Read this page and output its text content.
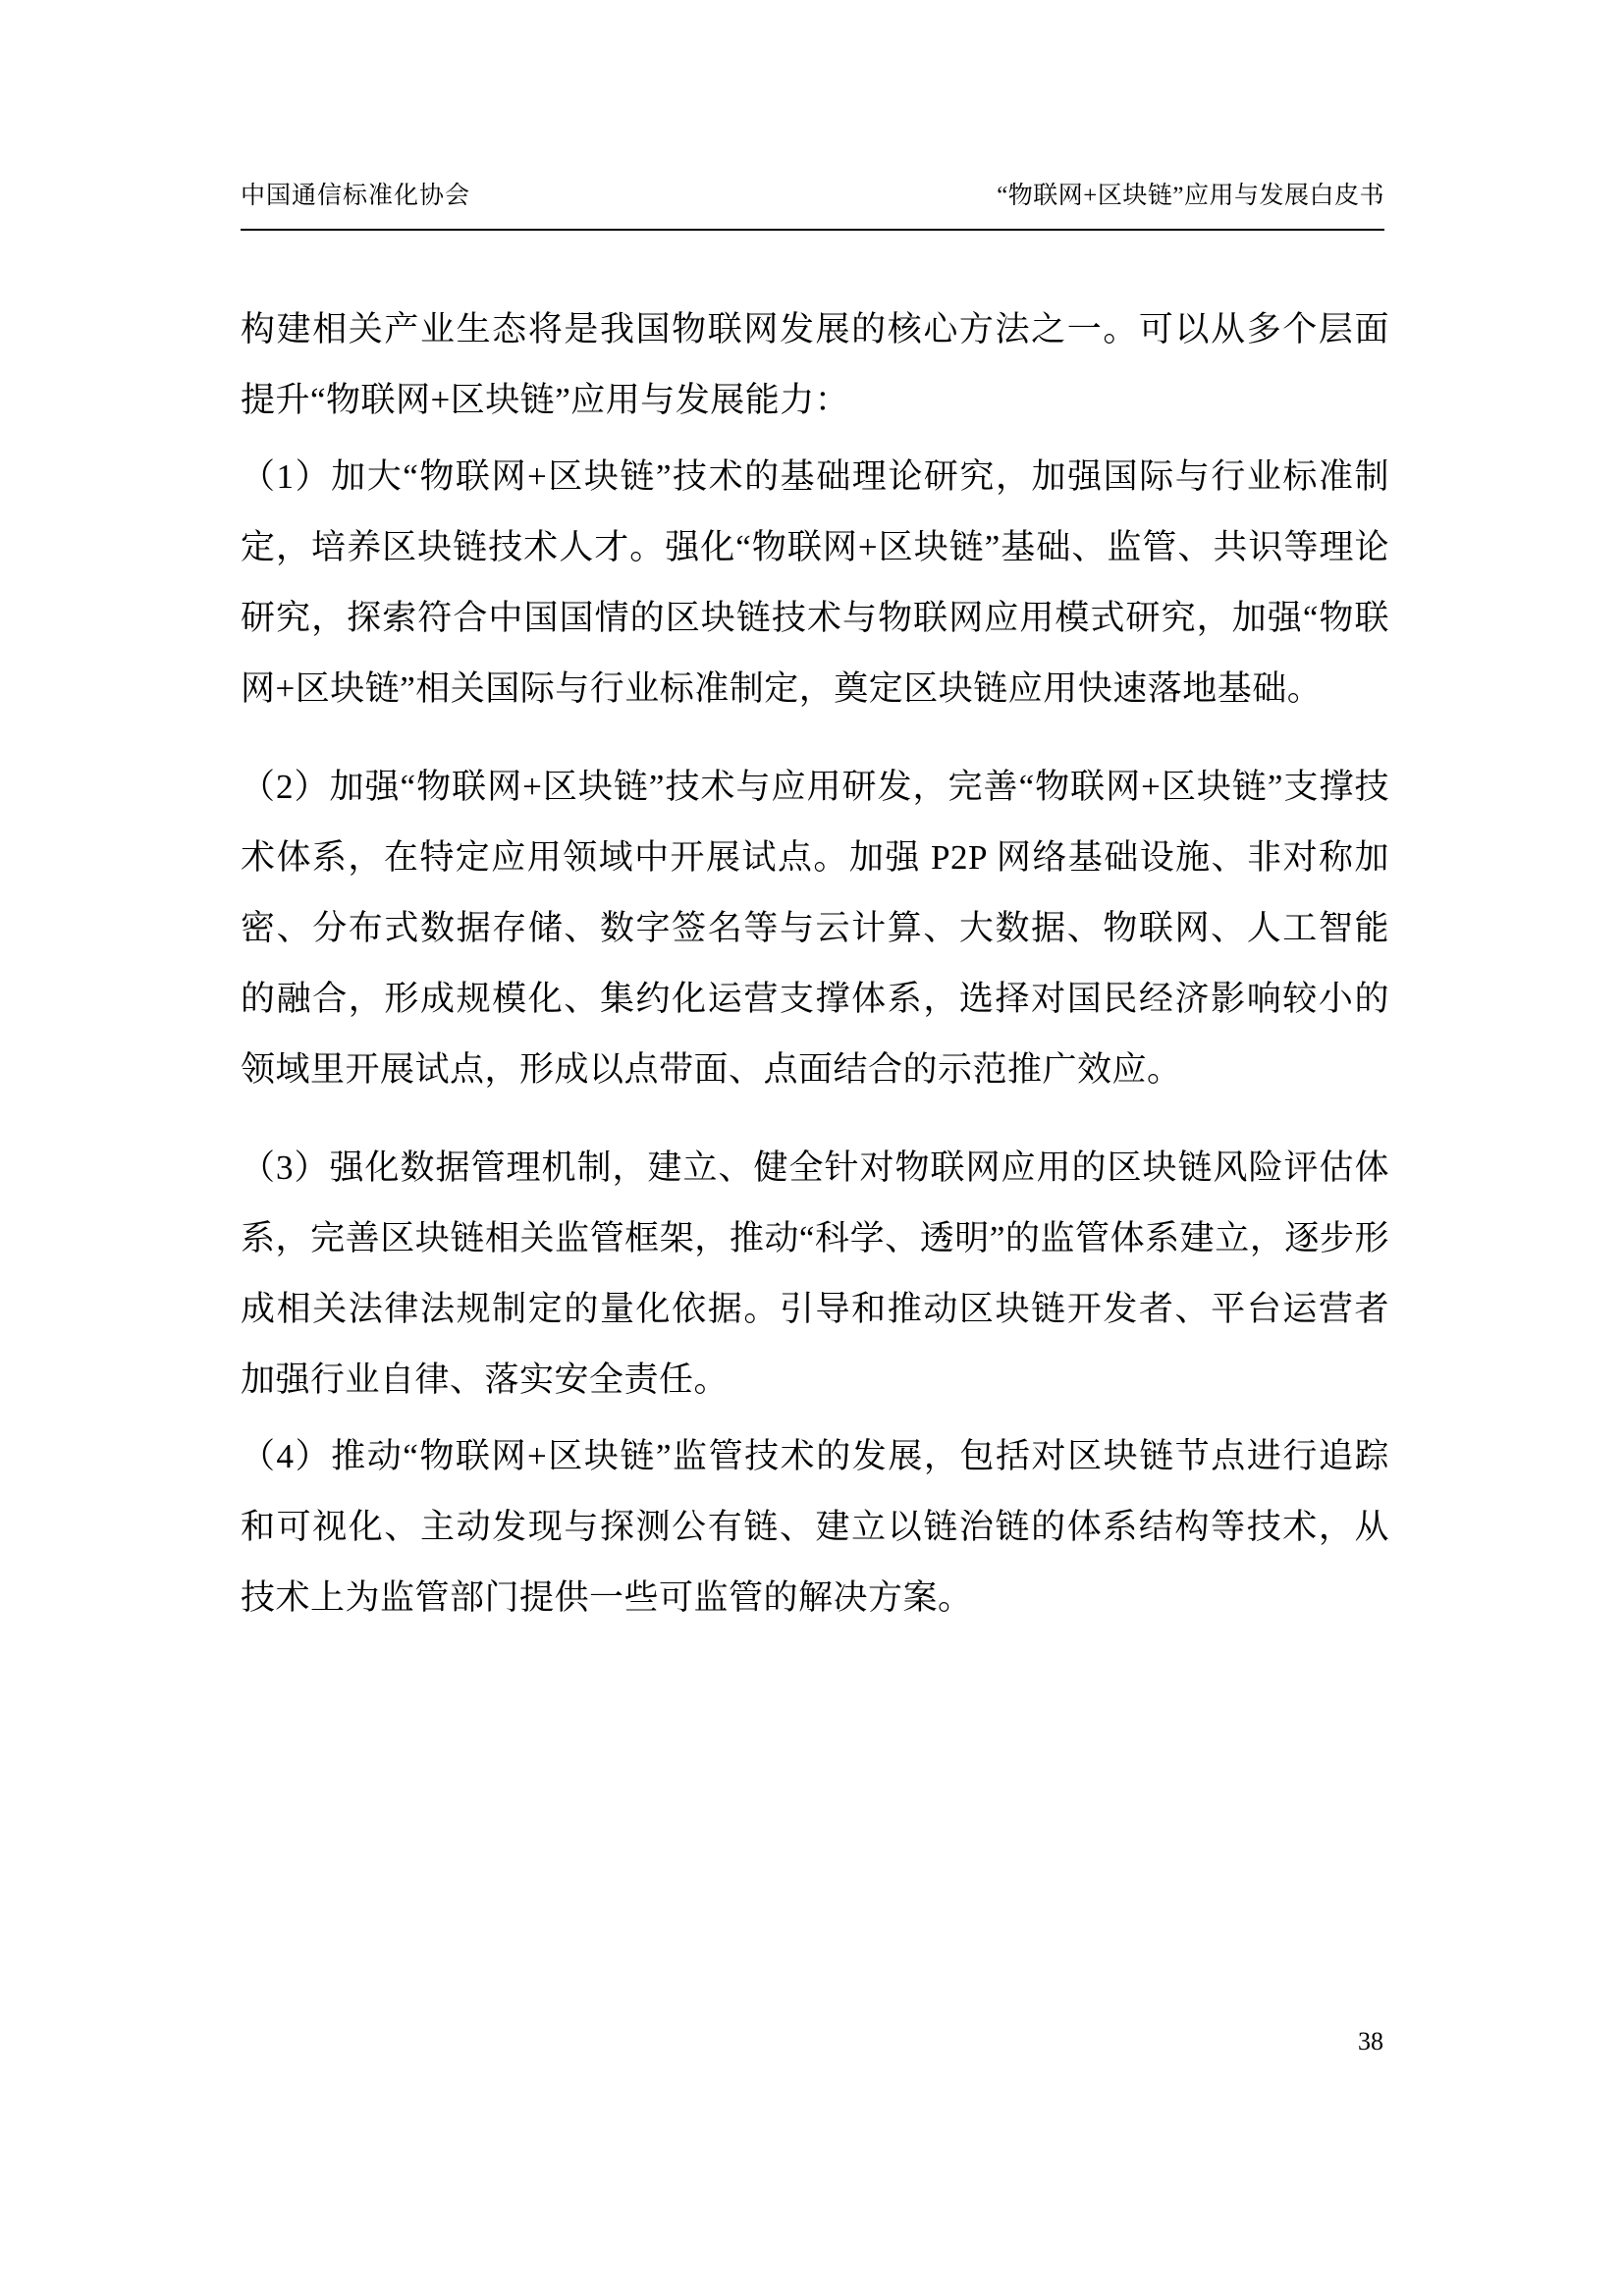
中国通信标准化协会	“物联网+区块链”应用与发展白皮书

构建相关产业生态将是我国物联网发展的核心方法之一。可以从多个层面提升“物联网+区块链”应用与发展能力：

（1）加大“物联网+区块链”技术的基础理论研究，加强国际与行业标准制定，培养区块链技术人才。强化“物联网+区块链”基础、监管、共识等理论研究，探索符合中国国情的区块链技术与物联网应用模式研究，加强“物联网+区块链”相关国际与行业标准制定，奠定区块链应用快速落地基础。

（2）加强“物联网+区块链”技术与应用研发，完善“物联网+区块链”支撑技术体系，在特定应用领域中开展试点。加强 P2P 网络基础设施、非对称加密、分布式数据存储、数字签名等与云计算、大数据、物联网、人工智能的融合，形成规模化、集约化运营支撑体系，选择对国民经济影响较小的领域里开展试点，形成以点带面、点面结合的示范推广效应。

（3）强化数据管理机制，建立、健全针对物联网应用的区块链风险评估体系，完善区块链相关监管框架，推动“科学、透明”的监管体系建立，逐步形成相关法律法规制定的量化依据。引导和推动区块链开发者、平台运营者加强行业自律、落实安全责任。

（4）推动“物联网+区块链”监管技术的发展，包括对区块链节点进行追踪和可视化、主动发现与探测公有链、建立以链治链的体系结构等技术，从技术上为监管部门提供一些可监管的解决方案。

38
